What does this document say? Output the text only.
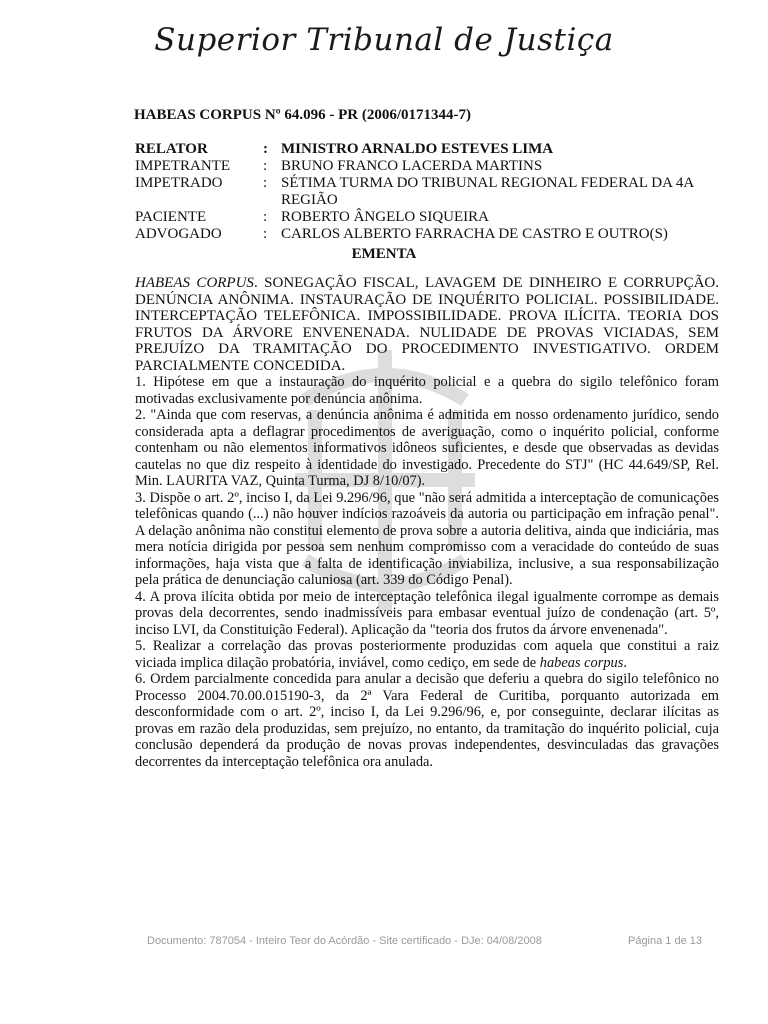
Superior Tribunal de Justiça
HABEAS CORPUS Nº 64.096 - PR (2006/0171344-7)
RELATOR	: MINISTRO ARNALDO ESTEVES LIMA
IMPETRANTE	: BRUNO FRANCO LACERDA MARTINS
IMPETRADO	: SÉTIMA TURMA DO TRIBUNAL REGIONAL FEDERAL DA 4A REGIÃO
PACIENTE	: ROBERTO ÂNGELO SIQUEIRA
ADVOGADO	: CARLOS ALBERTO FARRACHA DE CASTRO E OUTRO(S)
EMENTA

HABEAS CORPUS. SONEGAÇÃO FISCAL, LAVAGEM DE DINHEIRO E CORRUPÇÃO. DENÚNCIA ANÔNIMA. INSTAURAÇÃO DE INQUÉRITO POLICIAL. POSSIBILIDADE. INTERCEPTAÇÃO TELEFÔNICA. IMPOSSIBILIDADE. PROVA ILÍCITA. TEORIA DOS FRUTOS DA ÁRVORE ENVENENADA. NULIDADE DE PROVAS VICIADAS, SEM PREJUÍZO DA TRAMITAÇÃO DO PROCEDIMENTO INVESTIGATIVO. ORDEM PARCIALMENTE CONCEDIDA.

1. Hipótese em que a instauração do inquérito policial e a quebra do sigilo telefônico foram motivadas exclusivamente por denúncia anônima.

2. "Ainda que com reservas, a denúncia anônima é admitida em nosso ordenamento jurídico, sendo considerada apta a deflagrar procedimentos de averiguação, como o inquérito policial, conforme contenham ou não elementos informativos idôneos suficientes, e desde que observadas as devidas cautelas no que diz respeito à identidade do investigado. Precedente do STJ" (HC 44.649/SP, Rel. Min. LAURITA VAZ, Quinta Turma, DJ 8/10/07).

3. Dispõe o art. 2º, inciso I, da Lei 9.296/96, que "não será admitida a interceptação de comunicações telefônicas quando (...) não houver indícios razoáveis da autoria ou participação em infração penal". A delação anônima não constitui elemento de prova sobre a autoria delitiva, ainda que indiciária, mas mera notícia dirigida por pessoa sem nenhum compromisso com a veracidade do conteúdo de suas informações, haja vista que a falta de identificação inviabiliza, inclusive, a sua responsabilização pela prática de denunciação caluniosa (art. 339 do Código Penal).

4. A prova ilícita obtida por meio de interceptação telefônica ilegal igualmente corrompe as demais provas dela decorrentes, sendo inadmissíveis para embasar eventual juízo de condenação (art. 5º, inciso LVI, da Constituição Federal). Aplicação da "teoria dos frutos da árvore envenenada".

5. Realizar a correlação das provas posteriormente produzidas com aquela que constitui a raiz viciada implica dilação probatória, inviável, como cediço, em sede de habeas corpus.

6. Ordem parcialmente concedida para anular a decisão que deferiu a quebra do sigilo telefônico no Processo 2004.70.00.015190-3, da 2ª Vara Federal de Curitiba, porquanto autorizada em desconformidade com o art. 2º, inciso I, da Lei 9.296/96, e, por conseguinte, declarar ilícitas as provas em razão dela produzidas, sem prejuízo, no entanto, da tramitação do inquérito policial, cuja conclusão dependerá da produção de novas provas independentes, desvinculadas das gravações decorrentes da interceptação telefônica ora anulada.

Documento: 787054 - Inteiro Teor do Acórdão - Site certificado - DJe: 04/08/2008	Página 1 de 13
